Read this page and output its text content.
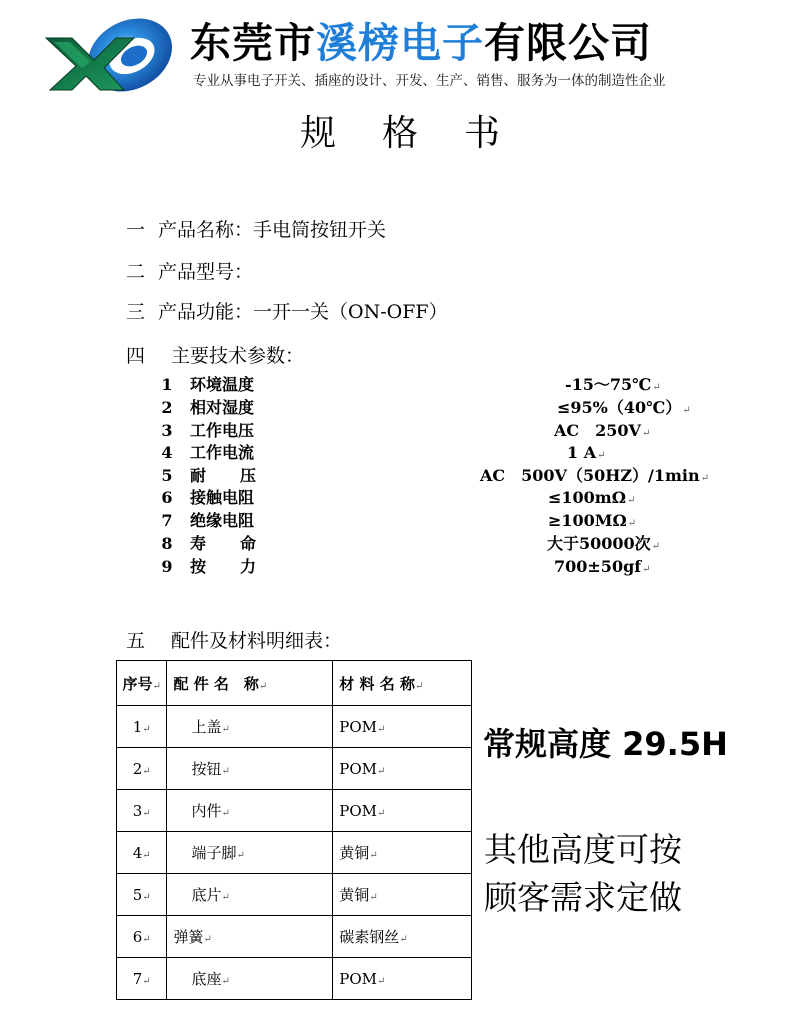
东莞市溪榜电子有限公司
专业从事电子开关、插座的设计、开发、生产、销售、服务为一体的制造性企业
规格书
一 产品名称：手电筒按钮开关
二 产品型号：
三 产品功能：一开一关（ON-OFF）
四 主要技术参数：
1 环境温度	-15～75℃↵
2 相对湿度	≤95%（40℃）↵
3 工作电压	AC　250V↵
4 工作电流	1 A↵
5 耐压	AC　500V（50HZ）/1min↵
6 接触电阻	≤100mΩ↵
7 绝缘电阻	≥100MΩ↵
8 寿命	大于50000次↵
9 按力	700±50gf↵
五 配件及材料明细表：
序号↵	配 件 名　称↵	材 料 名 称↵
1↵	上盖↵	POM↵
2↵	按钮↵	POM↵
3↵	内件↵	POM↵
4↵	端子脚↵	黄铜↵
5↵	底片↵	黄铜↵
6↵	弹簧↵	碳素钢丝↵
7↵	底座↵	POM↵
常规高度 29.5H
其他高度可按
顾客需求定做
